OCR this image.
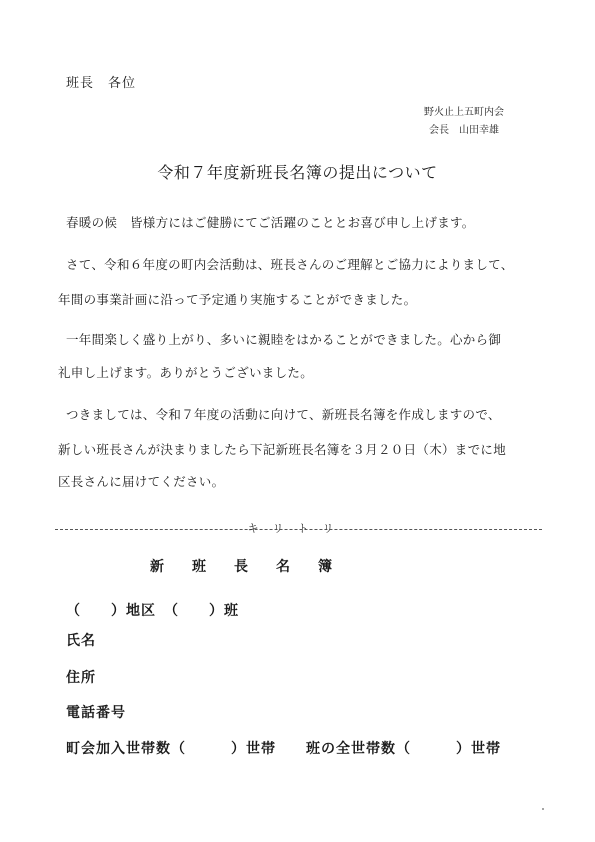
班長　各位
野火止上五町内会
会長　山田幸雄
令和７年度新班長名簿の提出について
春暖の候　皆様方にはご健勝にてご活躍のこととお喜び申し上げます。
さて、令和６年度の町内会活動は、班長さんのご理解とご協力によりまして、
年間の事業計画に沿って予定通り実施することができました。
一年間楽しく盛り上がり、多いに親睦をはかることができました。心から御
礼申し上げます。ありがとうございました。
つきましては、令和７年度の活動に向けて、新班長名簿を作成しますので、
新しい班長さんが決まりましたら下記新班長名簿を３月２０日（木）までに地
区長さんに届けてください。
キリトリ
新班長名簿
（　　）地区　（　　）班
氏名
住所
電話番号
町会加入世帯数（　　　）世帯　　班の全世帯数（　　　）世帯
